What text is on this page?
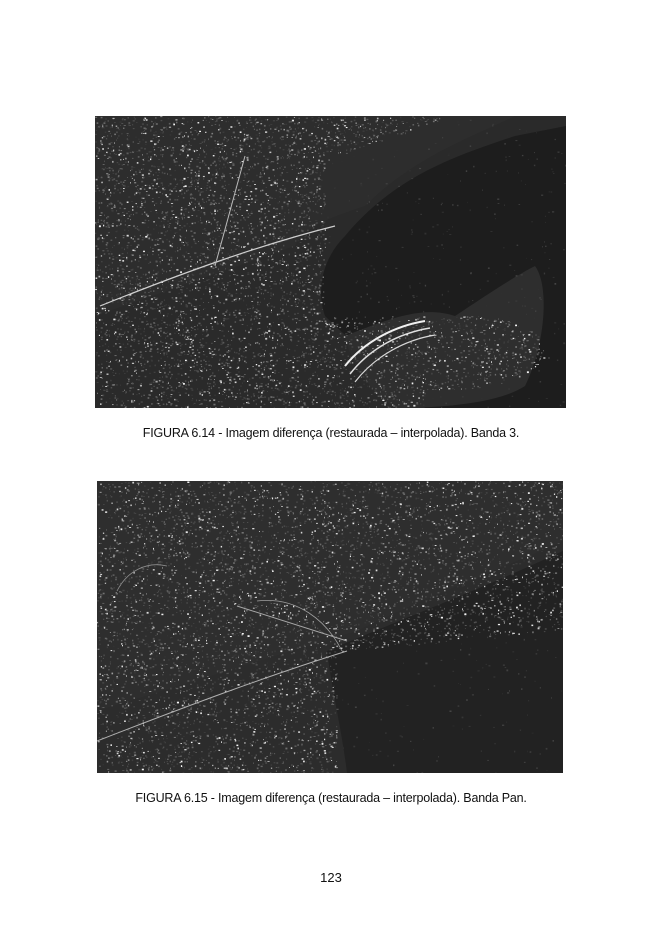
FIGURA 6.14 - Imagem diferença (restaurada – interpolada). Banda 3.
FIGURA 6.15 - Imagem diferença (restaurada – interpolada). Banda Pan.
123
